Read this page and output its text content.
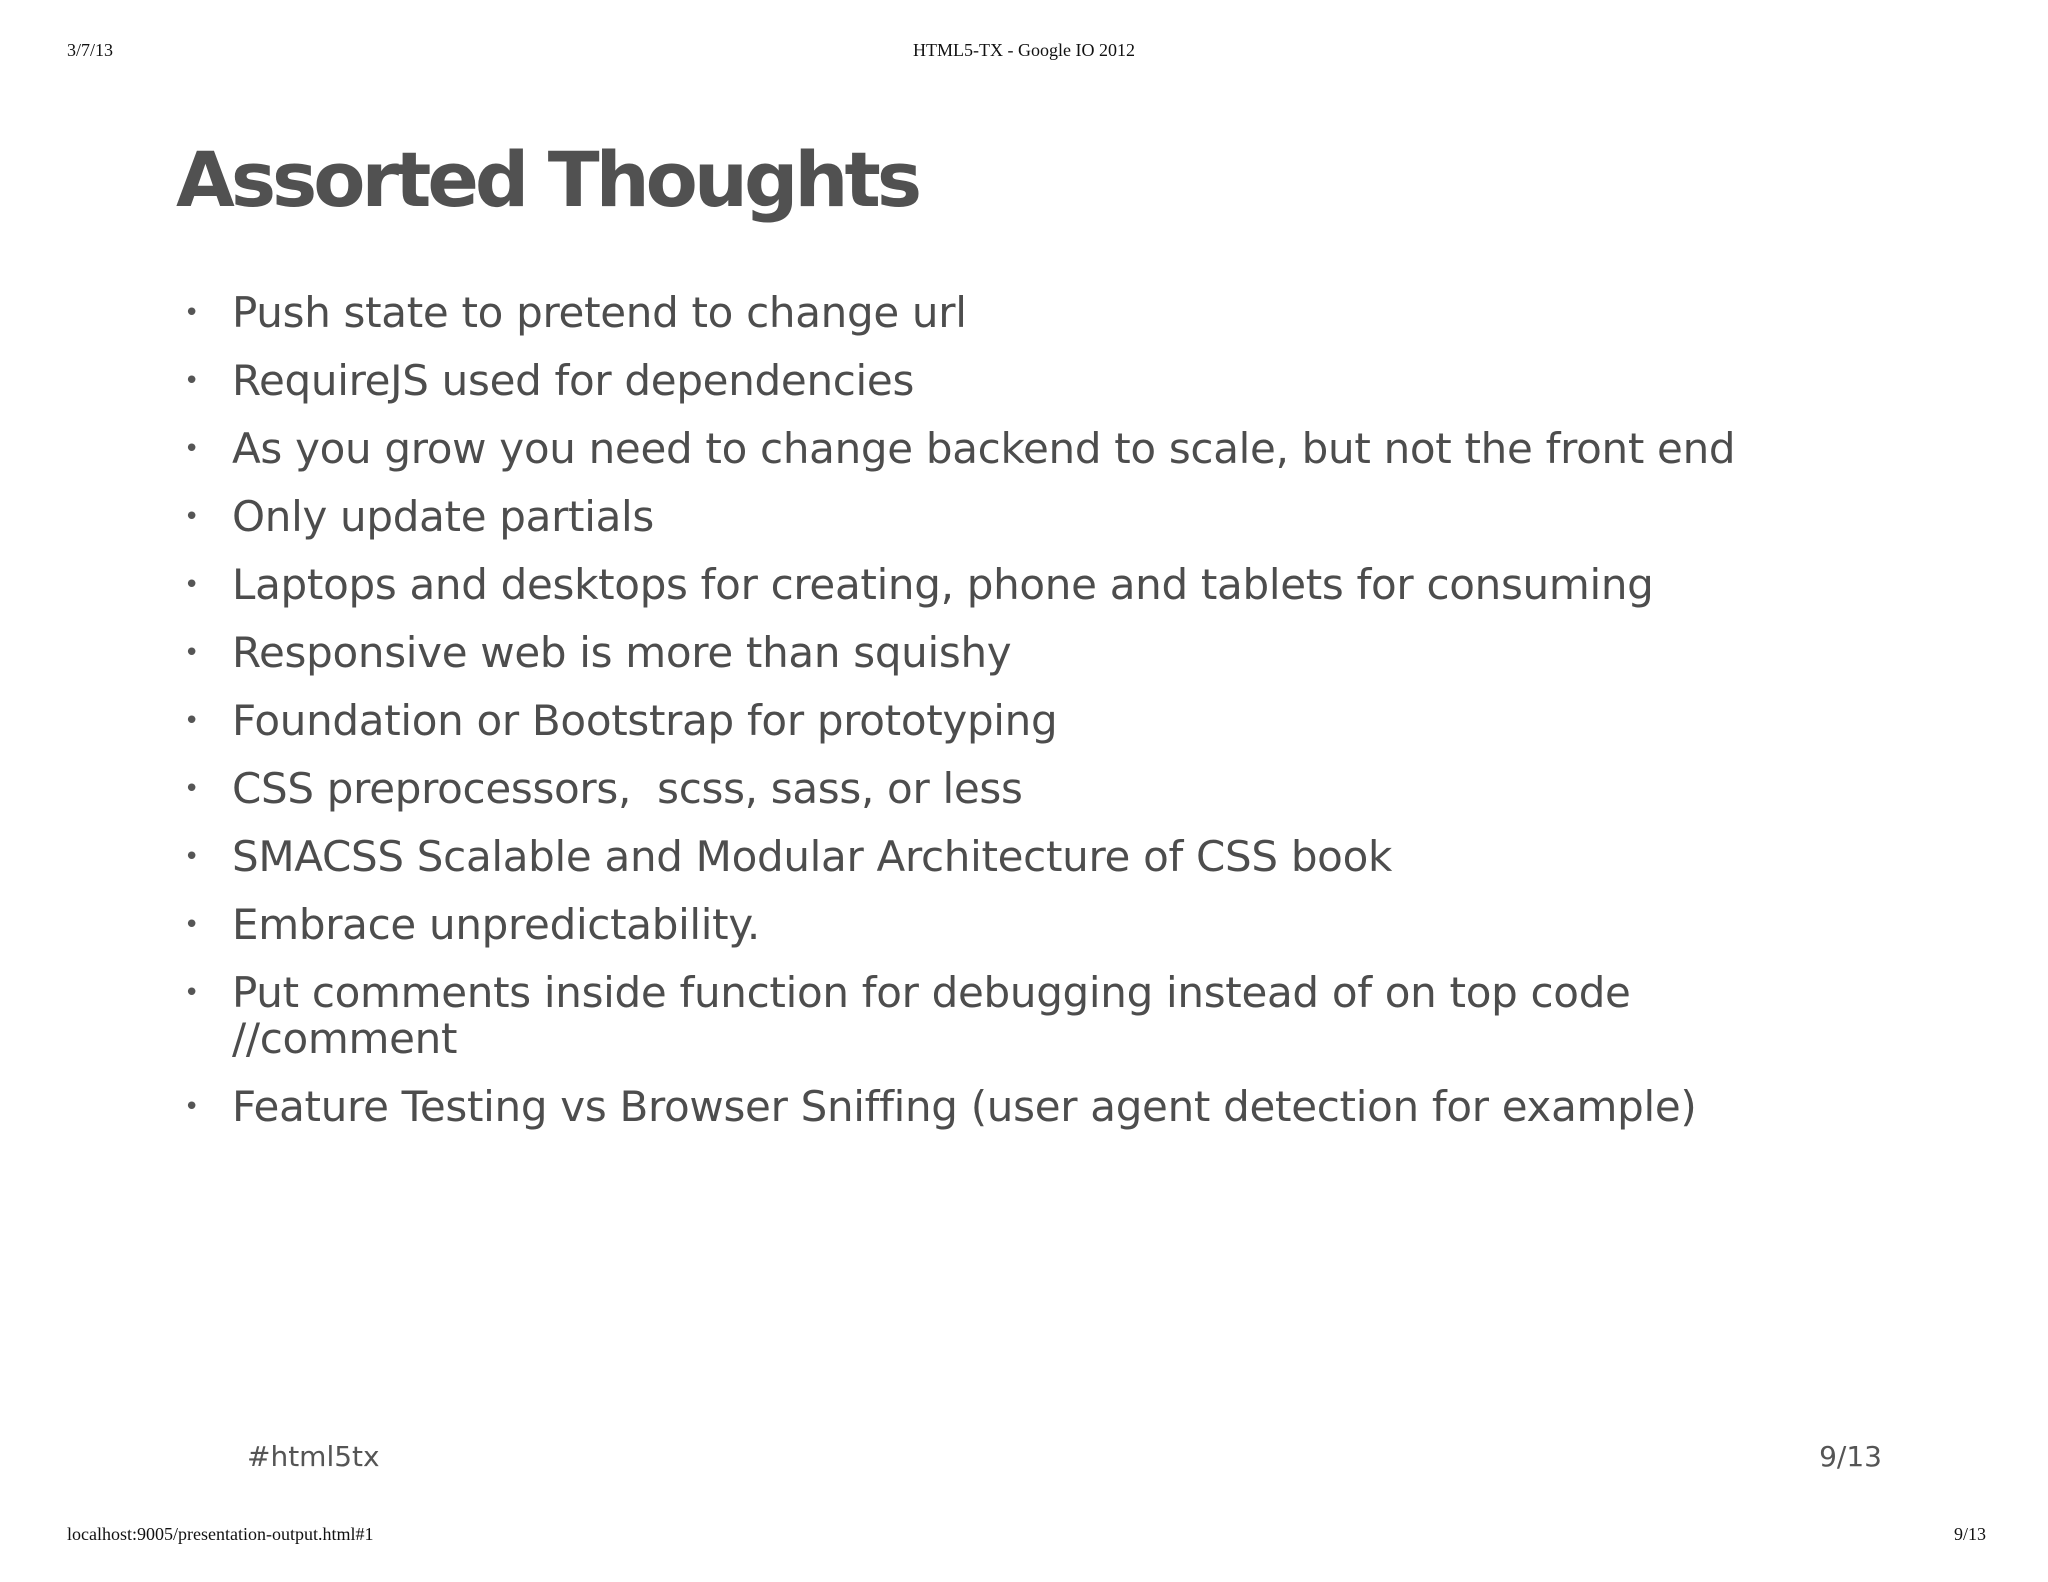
3/7/13	HTML5-TX - Google IO 2012
Assorted Thoughts
• Push state to pretend to change url
• RequireJS used for dependencies
• As you grow you need to change backend to scale, but not the front end
• Only update partials
• Laptops and desktops for creating, phone and tablets for consuming
• Responsive web is more than squishy
• Foundation or Bootstrap for prototyping
• CSS preprocessors,  scss, sass, or less
• SMACSS Scalable and Modular Architecture of CSS book
• Embrace unpredictability.
• Put comments inside function for debugging instead of on top code //comment
• Feature Testing vs Browser Sniffing (user agent detection for example)
#html5tx	9/13
localhost:9005/presentation-output.html#1	9/13
